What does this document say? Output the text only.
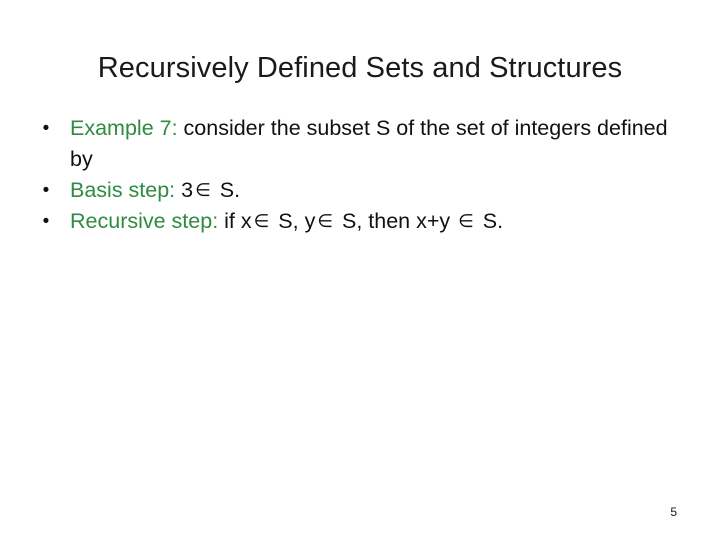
Recursively Defined Sets and Structures
• Example 7: consider the subset S of the set of integers defined by
• Basis step: 3 ∈ S.
• Recursive step: if x ∈ S, y ∈ S, then x+y ∈ S.
5
